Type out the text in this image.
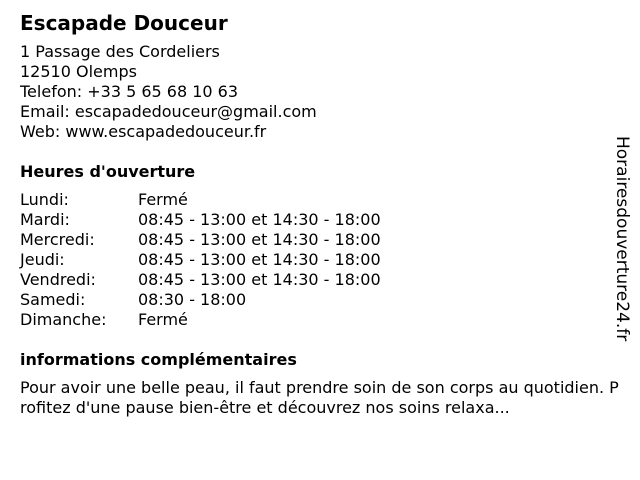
Escapade Douceur
1 Passage des Cordeliers
12510 Olemps
Telefon: +33 5 65 68 10 63
Email: escapadedouceur@gmail.com
Web: www.escapadedouceur.fr
Heures d'ouverture
Lundi:	Fermé
Mardi:	08:45 - 13:00 et 14:30 - 18:00
Mercredi:	08:45 - 13:00 et 14:30 - 18:00
Jeudi:	08:45 - 13:00 et 14:30 - 18:00
Vendredi:	08:45 - 13:00 et 14:30 - 18:00
Samedi:	08:30 - 18:00
Dimanche:	Fermé
informations complémentaires
Pour avoir une belle peau, il faut prendre soin de son corps au quotidien. Profitez d'une pause bien-être et découvrez nos soins relaxa...
Horairesdouverture24.fr
